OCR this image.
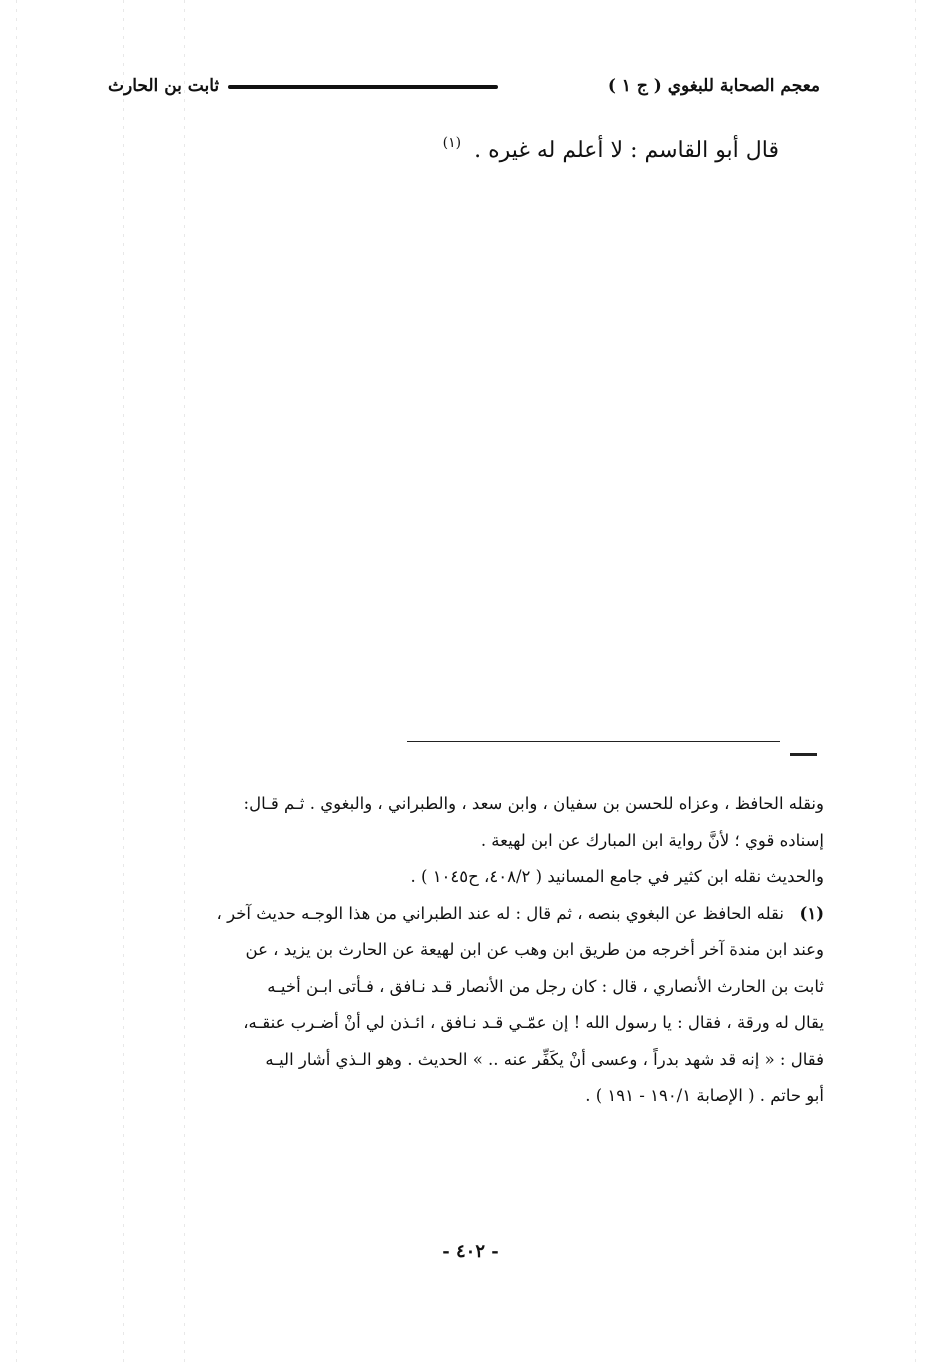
معجم الصحابة للبغوي ( ج ١ )
ثابت بن الحارث
قال أبو القاسم : لا أعلم له غيره . $^{(١)}$
ونقله الحافظ ، وعزاه للحسن بن سفيان ، وابن سعد ، والطبراني ، والبغوي . ثـم قـال:
إسناده قوي ؛ لأنَّ رواية ابن المبارك عن ابن لهيعة .
والحديث نقله ابن كثير في جامع المسانيد ( ٤٠٨/٢، ح١٠٤٥ ) .
(١)
نقله الحافظ عن البغوي بنصه ، ثم قال : له عند الطبراني من هذا الوجـه حديث آخر ،
وعند ابن مندة آخر أخرجه من طريق ابن وهب عن ابن لهيعة عن الحارث بن يزيد ، عن
ثابت بن الحارث الأنصاري ، قال : كان رجل من الأنصار قـد نـافق ، فـأتى ابـن أخيـه
يقال له ورقة ، فقال : يا رسول الله ! إن عمّـي قـد نـافق ، ائـذن لي أنْ أضـرب عنقـه،
فقال : « إنه قد شهد بدراً ، وعسى أنْ يكَفِّر عنه .. » الحديث . وهو الـذي أشار اليـه
أبو حاتم . ( الإصابة ١٩٠/١ - ١٩١ ) .
- ٤٠٢ -
